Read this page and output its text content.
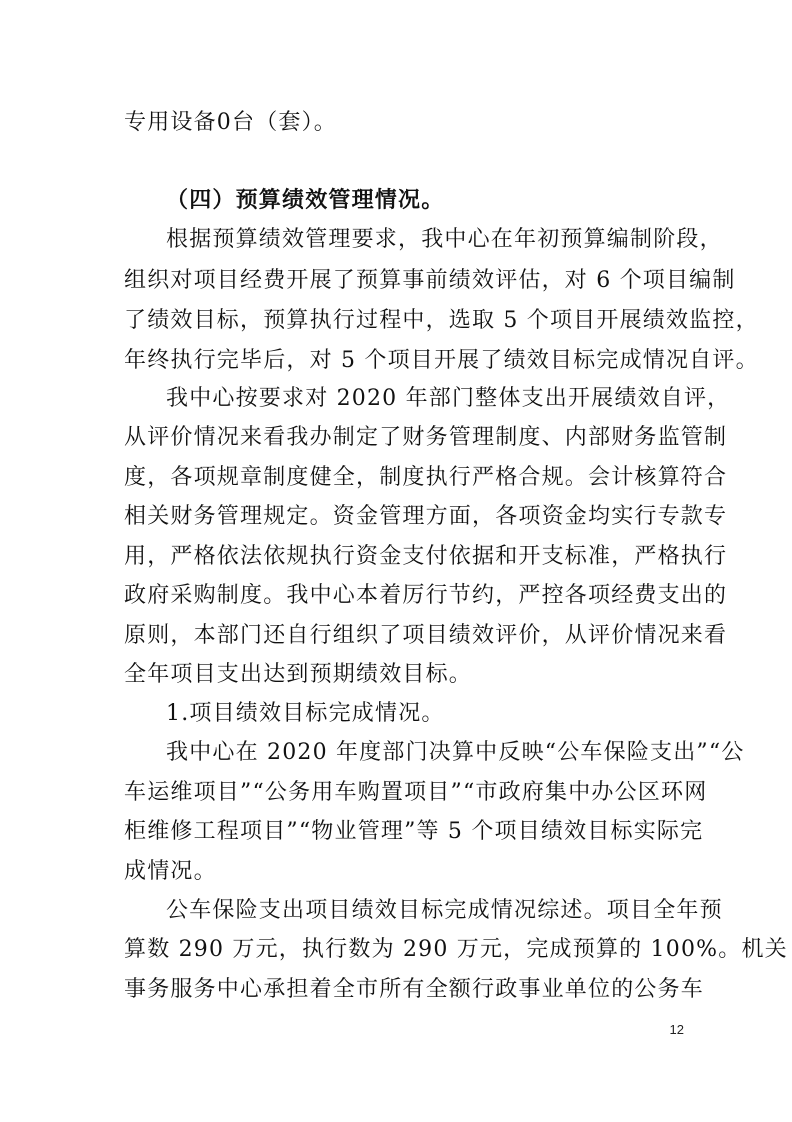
专用设备0台（套）。
（四）预算绩效管理情况。
根据预算绩效管理要求，我中心在年初预算编制阶段，
组织对项目经费开展了预算事前绩效评估，对 6 个项目编制
了绩效目标，预算执行过程中，选取 5 个项目开展绩效监控，
年终执行完毕后，对 5 个项目开展了绩效目标完成情况自评。
我中心按要求对 2020 年部门整体支出开展绩效自评，
从评价情况来看我办制定了财务管理制度、内部财务监管制
度，各项规章制度健全，制度执行严格合规。会计核算符合
相关财务管理规定。资金管理方面，各项资金均实行专款专
用，严格依法依规执行资金支付依据和开支标准，严格执行
政府采购制度。我中心本着厉行节约，严控各项经费支出的
原则，本部门还自行组织了项目绩效评价，从评价情况来看
全年项目支出达到预期绩效目标。
1.项目绩效目标完成情况。
我中心在 2020 年度部门决算中反映“公车保险支出”“公
车运维项目”“公务用车购置项目”“市政府集中办公区环网
柜维修工程项目”“物业管理”等 5 个项目绩效目标实际完
成情况。
公车保险支出项目绩效目标完成情况综述。项目全年预
算数 290 万元，执行数为 290 万元，完成预算的 100%。机关
事务服务中心承担着全市所有全额行政事业单位的公务车
12
